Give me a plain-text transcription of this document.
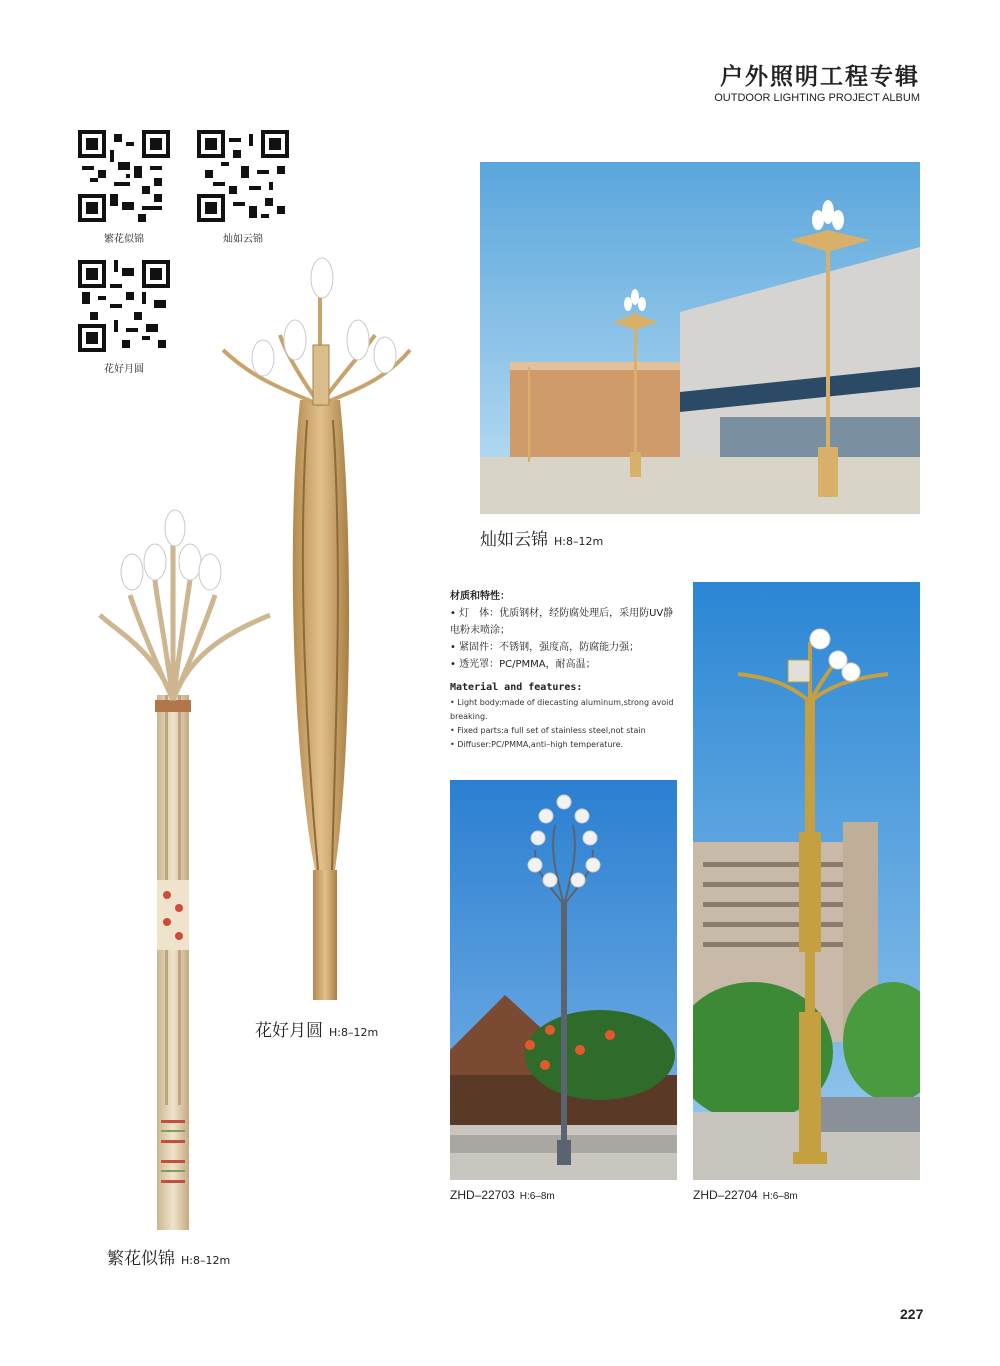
户外照明工程专辑
OUTDOOR LIGHTING PROJECT ALBUM
繁花似锦	灿如云锦
花好月圆
繁花似锦 H:8–12m
花好月圆 H:8–12m
灿如云锦 H:8–12m
材质和特性：
• 灯　体：优质钢材，经防腐处理后，采用防UV静电粉末喷涂；
• 紧固件：不锈钢，强度高，防腐能力强；
• 透光罩：PC/PMMA，耐高温；
Material and features:
• Light body:made of diecasting aluminum,strong avoid breaking.
• Fixed parts:a full set of stainless steel,not stain
• Diffuser:PC/PMMA,anti–high temperature.
ZHD–22703 H:6–8m	ZHD–22704 H:6–8m
227
